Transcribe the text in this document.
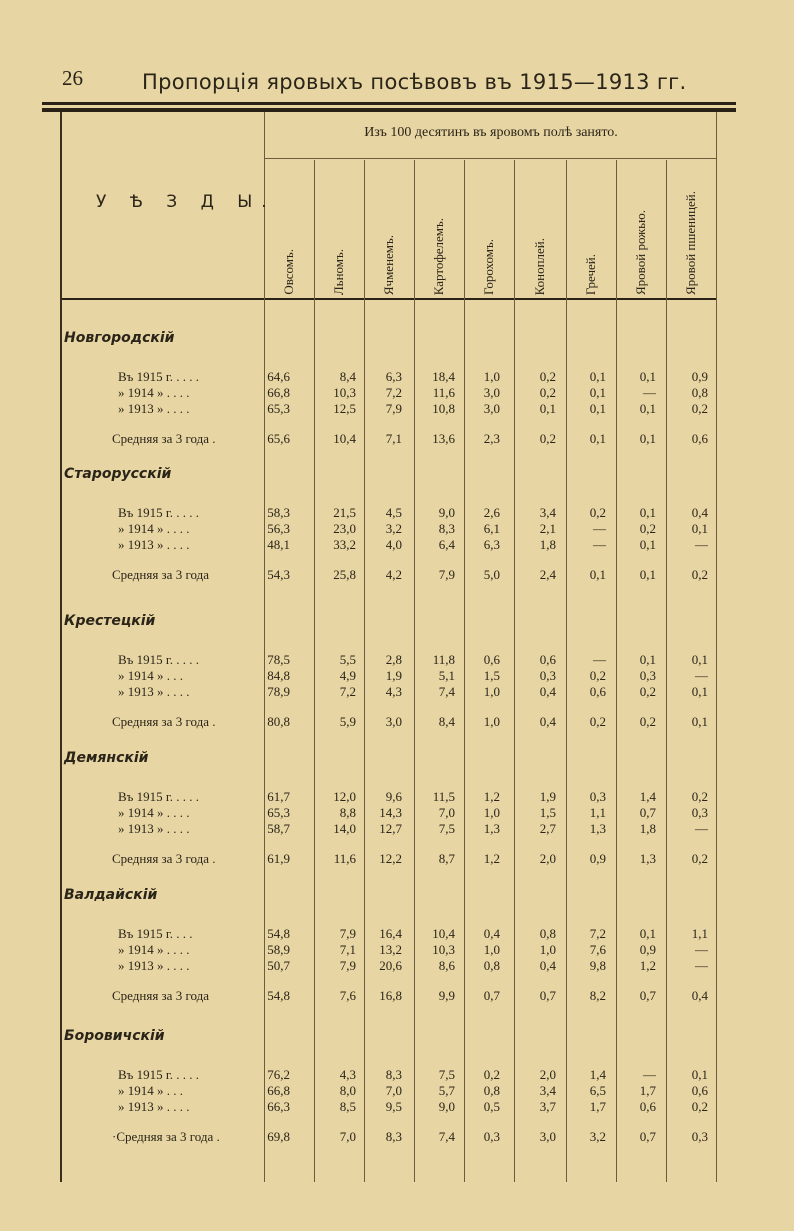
26	Пропорція яровыхъ посѣвовъ въ 1915—1913 гг.
У Ѣ З Д Ы.
Изъ 100 десятинъ въ яровомъ полѣ занято.
Овсомъ.	Льномъ.	Ячменемъ.	Картофелемъ.	Горохомъ.	Коноплей.	Гречей.	Яровой рожью.	Яровой пшеницей.
Новгородскій
Въ 1915 г. . . . .	64,6	8,4	6,3	18,4	1,0	0,2	0,1	0,1	0,9
» 1914 » . . . .	66,8	10,3	7,2	11,6	3,0	0,2	0,1	—	0,8
» 1913 » . . . .	65,3	12,5	7,9	10,8	3,0	0,1	0,1	0,1	0,2
Средняя за 3 года .	65,6	10,4	7,1	13,6	2,3	0,2	0,1	0,1	0,6
Старорусскій
Въ 1915 г. . . . .	58,3	21,5	4,5	9,0	2,6	3,4	0,2	0,1	0,4
» 1914 » . . . .	56,3	23,0	3,2	8,3	6,1	2,1	—	0,2	0,1
» 1913 » . . . .	48,1	33,2	4,0	6,4	6,3	1,8	—	0,1	—
Средняя за 3 года	54,3	25,8	4,2	7,9	5,0	2,4	0,1	0,1	0,2
Крестецкій
Въ 1915 г. . . . .	78,5	5,5	2,8	11,8	0,6	0,6	—	0,1	0,1
» 1914 » . . .	84,8	4,9	1,9	5,1	1,5	0,3	0,2	0,3	—
» 1913 » . . . .	78,9	7,2	4,3	7,4	1,0	0,4	0,6	0,2	0,1
Средняя за 3 года .	80,8	5,9	3,0	8,4	1,0	0,4	0,2	0,2	0,1
Демянскій
Въ 1915 г. . . . .	61,7	12,0	9,6	11,5	1,2	1,9	0,3	1,4	0,2
» 1914 » . . . .	65,3	8,8	14,3	7,0	1,0	1,5	1,1	0,7	0,3
» 1913 » . . . .	58,7	14,0	12,7	7,5	1,3	2,7	1,3	1,8	—
Средняя за 3 года .	61,9	11,6	12,2	8,7	1,2	2,0	0,9	1,3	0,2
Валдайскій
Въ 1915 г. . . .	54,8	7,9	16,4	10,4	0,4	0,8	7,2	0,1	1,1
» 1914 » . . . .	58,9	7,1	13,2	10,3	1,0	1,0	7,6	0,9	—
» 1913 » . . . .	50,7	7,9	20,6	8,6	0,8	0,4	9,8	1,2	—
Средняя за 3 года	54,8	7,6	16,8	9,9	0,7	0,7	8,2	0,7	0,4
Боровичскій
Въ 1915 г. . . . .	76,2	4,3	8,3	7,5	0,2	2,0	1,4	—	0,1
» 1914 » . . .	66,8	8,0	7,0	5,7	0,8	3,4	6,5	1,7	0,6
» 1913 » . . . .	66,3	8,5	9,5	9,0	0,5	3,7	1,7	0,6	0,2
·Средняя за 3 года .	69,8	7,0	8,3	7,4	0,3	3,0	3,2	0,7	0,3
